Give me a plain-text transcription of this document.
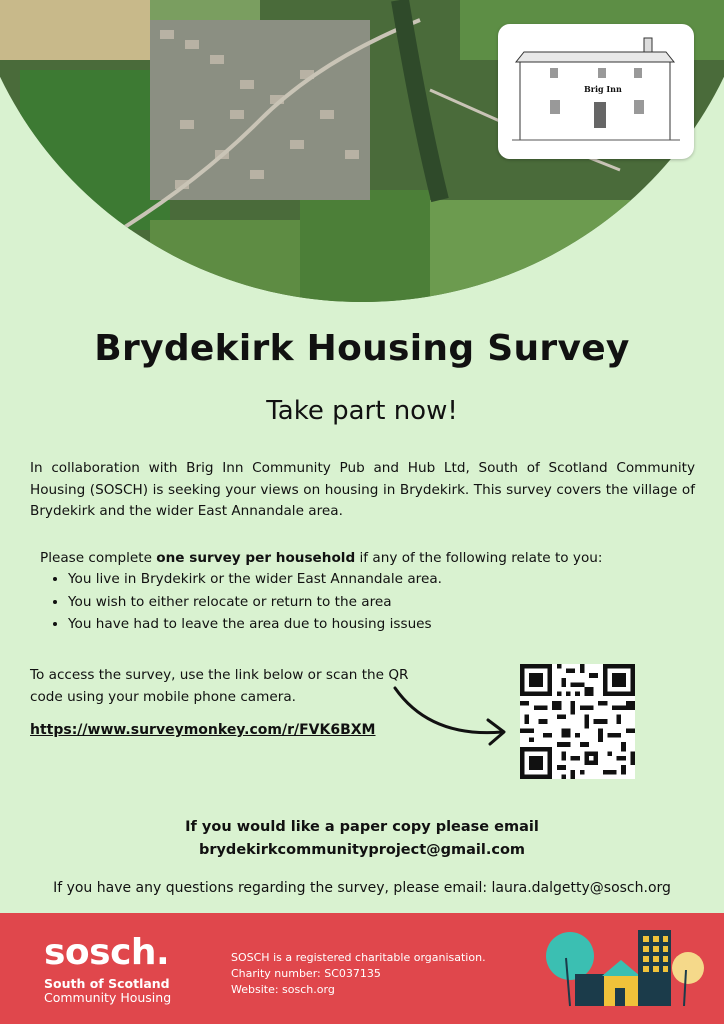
Brig Inn
Brydekirk Housing Survey
Take part now!
In collaboration with Brig Inn Community Pub and Hub Ltd, South of Scotland Community Housing (SOSCH) is seeking your views on housing in Brydekirk. This survey covers the village of Brydekirk and the wider East Annandale area.
Please complete one survey per household if any of the following relate to you:
• You live in Brydekirk or the wider East Annandale area.
• You wish to either relocate or return to the area
• You have had to leave the area due to housing issues
To access the survey, use the link below or scan the QR code using your mobile phone camera.
https://www.surveymonkey.com/r/FVK6BXM
If you would like a paper copy please email
brydekirkcommunityproject@gmail.com
If you have any questions regarding the survey, please email: laura.dalgetty@sosch.org
sosch.
South of Scotland
Community Housing
SOSCH is a registered charitable organisation.
Charity number: SC037135
Website: sosch.org
